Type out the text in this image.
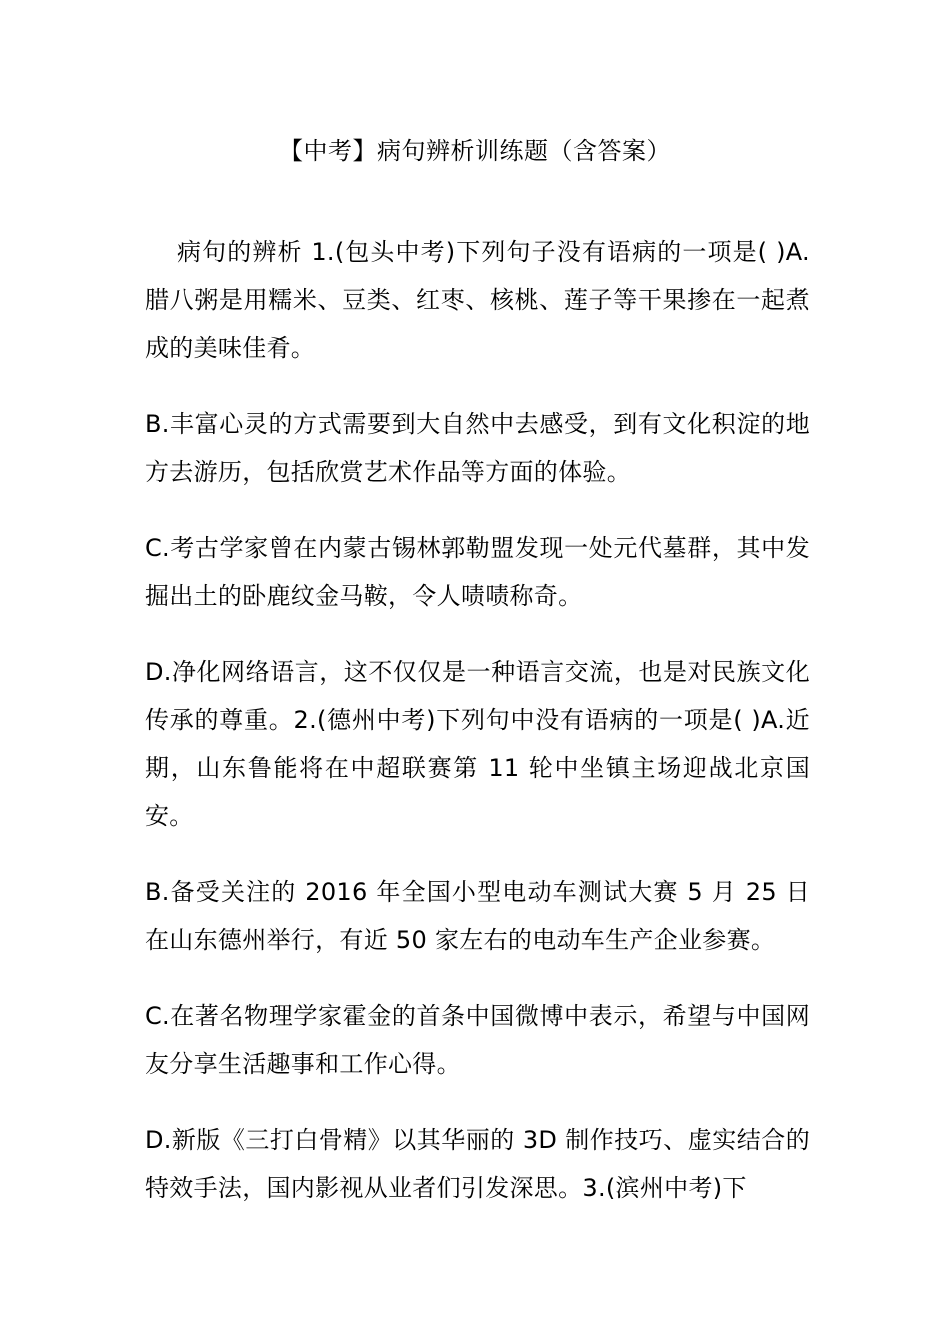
【中考】病句辨析训练题（含答案）

病句的辨析 1.(包头中考)下列句子没有语病的一项是( )A.腊八粥是用糯米、豆类、红枣、核桃、莲子等干果掺在一起煮成的美味佳肴。

B.丰富心灵的方式需要到大自然中去感受，到有文化积淀的地方去游历，包括欣赏艺术作品等方面的体验。

C.考古学家曾在内蒙古锡林郭勒盟发现一处元代墓群，其中发掘出土的卧鹿纹金马鞍，令人啧啧称奇。

D.净化网络语言，这不仅仅是一种语言交流，也是对民族文化传承的尊重。2.(德州中考)下列句中没有语病的一项是( )A.近期，山东鲁能将在中超联赛第 11 轮中坐镇主场迎战北京国安。

B.备受关注的 2016 年全国小型电动车测试大赛 5 月 25 日在山东德州举行，有近 50 家左右的电动车生产企业参赛。

C.在著名物理学家霍金的首条中国微博中表示，希望与中国网友分享生活趣事和工作心得。

D.新版《三打白骨精》以其华丽的 3D 制作技巧、虚实结合的特效手法，国内影视从业者们引发深思。3.(滨州中考)下
